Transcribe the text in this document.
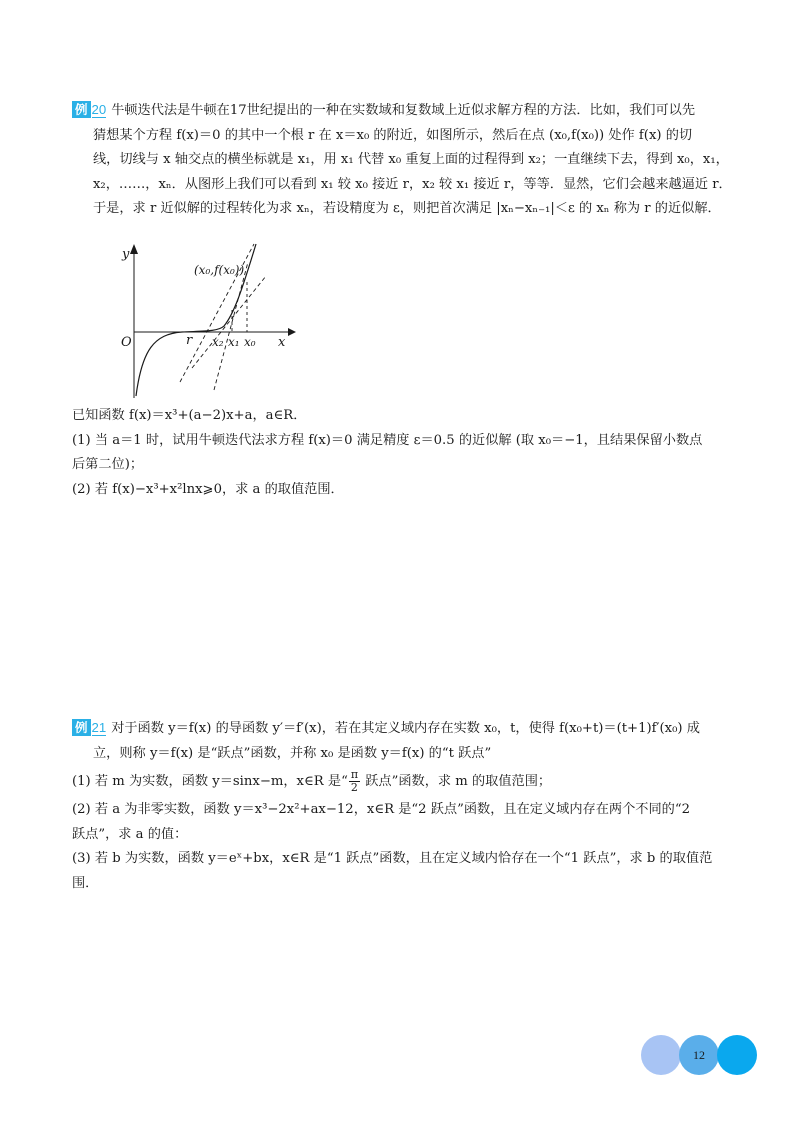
例 20 牛顿迭代法是牛顿在17世纪提出的一种在实数域和复数域上近似求解方程的方法．比如，我们可以先
猜想某个方程 f(x)＝0 的其中一个根 r 在 x＝x₀ 的附近，如图所示，然后在点 (x₀,f(x₀)) 处作 f(x) 的切
线，切线与 x 轴交点的横坐标就是 x₁，用 x₁ 代替 x₀ 重复上面的过程得到 x₂；一直继续下去，得到 x₀，x₁，
x₂，……，xₙ．从图形上我们可以看到 x₁ 较 x₀ 接近 r，x₂ 较 x₁ 接近 r，等等．显然，它们会越来越逼近 r．
于是，求 r 近似解的过程转化为求 xₙ，若设精度为 ε，则把首次满足 |xₙ−xₙ₋₁|＜ε 的 xₙ 称为 r 的近似解．
y
x
O	r x₂ x₁ x₀
(x₀,f(x₀))
已知函数 f(x)＝x³+(a−2)x+a，a∈R．
(1) 当 a＝1 时，试用牛顿迭代法求方程 f(x)＝0 满足精度 ε＝0.5 的近似解 (取 x₀＝−1，且结果保留小数点
后第二位)；
(2) 若 f(x)−x³+x²lnx⩾0，求 a 的取值范围．
例 21 对于函数 y＝f(x) 的导函数 y′＝f′(x)，若在其定义域内存在实数 x₀，t，使得 f(x₀+t)＝(t+1)f′(x₀) 成
立，则称 y＝f(x) 是“跃点”函数，并称 x₀ 是函数 y＝f(x) 的“t 跃点”
(1) 若 m 为实数，函数 y＝sinx−m，x∈R 是“ $\frac{\pi}{2}$ 跃点”函数，求 m 的取值范围；
(2) 若 a 为非零实数，函数 y＝x³−2x²+ax−12，x∈R 是“2 跃点”函数，且在定义域内存在两个不同的“2
跃点”，求 a 的值：
(3) 若 b 为实数，函数 y＝eˣ+bx，x∈R 是“1 跃点”函数，且在定义域内恰存在一个“1 跃点”，求 b 的取值范
围．
12
